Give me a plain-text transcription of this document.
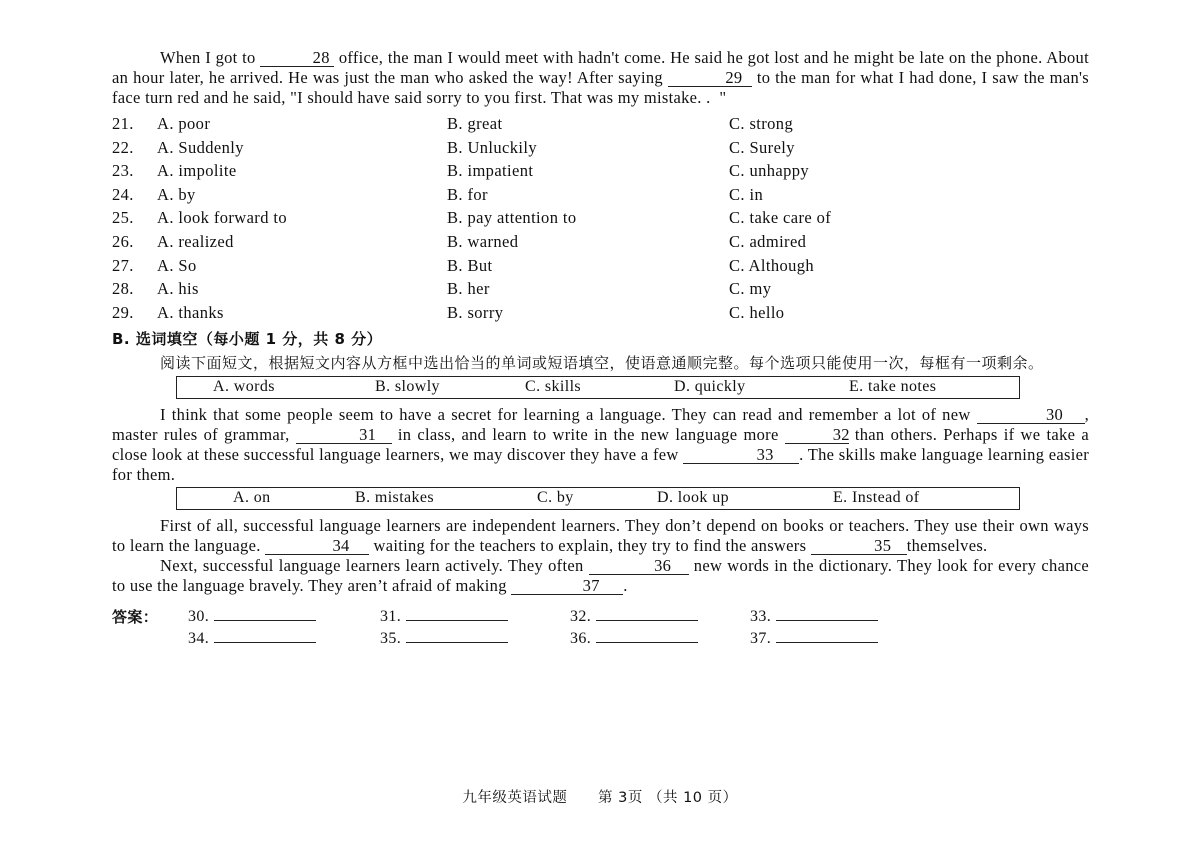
When I got to	28 office, the man I would meet with hadn't come. He said he got lost and he might be late on the phone. About an hour later, he arrived. He was just the man who asked the way! After saying	29 to the man for what I had done, I saw the man's face turn red and he said, "I should have said sorry to you first. That was my mistake. .  "

21. A. poor	B. great	C. strong
22. A. Suddenly	B. Unluckily	C. Surely
23. A. impolite	B. impatient	C. unhappy
24. A. by	B. for	C. in
25. A. look forward to	B. pay attention to	C. take care of
26. A. realized	B. warned	C. admired
27. A. So	B. But	C. Although
28. A. his	B. her	C. my
29. A. thanks	B. sorry	C. hello
B. 选词填空（每小题 1 分，共 8 分）

阅读下面短文，根据短文内容从方框中选出恰当的单词或短语填空，使语意通顺完整。每个选项只能使用一次，每框有一项剩余。

A. words	B. slowly	C. skills	D. quickly	E. take notes

I think that some people seem to have a secret for learning a language. They can read and remember a lot of new	30 , master rules of grammar,	31 in class, and learn to write in the new language more	32 than others. Perhaps if we take a close look at these successful language learners, we may discover they have a few	33 . The skills make language learning easier for them.

A. on	B. mistakes	C. by	D. look up	E. Instead of

First of all, successful language learners are independent learners. They don’t depend on books or teachers. They use their own ways to learn the language.	34 waiting for the teachers to explain, they try to find the answers	35 themselves.

Next, successful language learners learn actively. They often	36 new words in the dictionary. They look for every chance to use the language bravely. They aren’t afraid of making	37 .

答案： 30.	31.	32.	33.
34.	35.	36.	37.
九年级英语试题      第 3页 （共 10 页）
